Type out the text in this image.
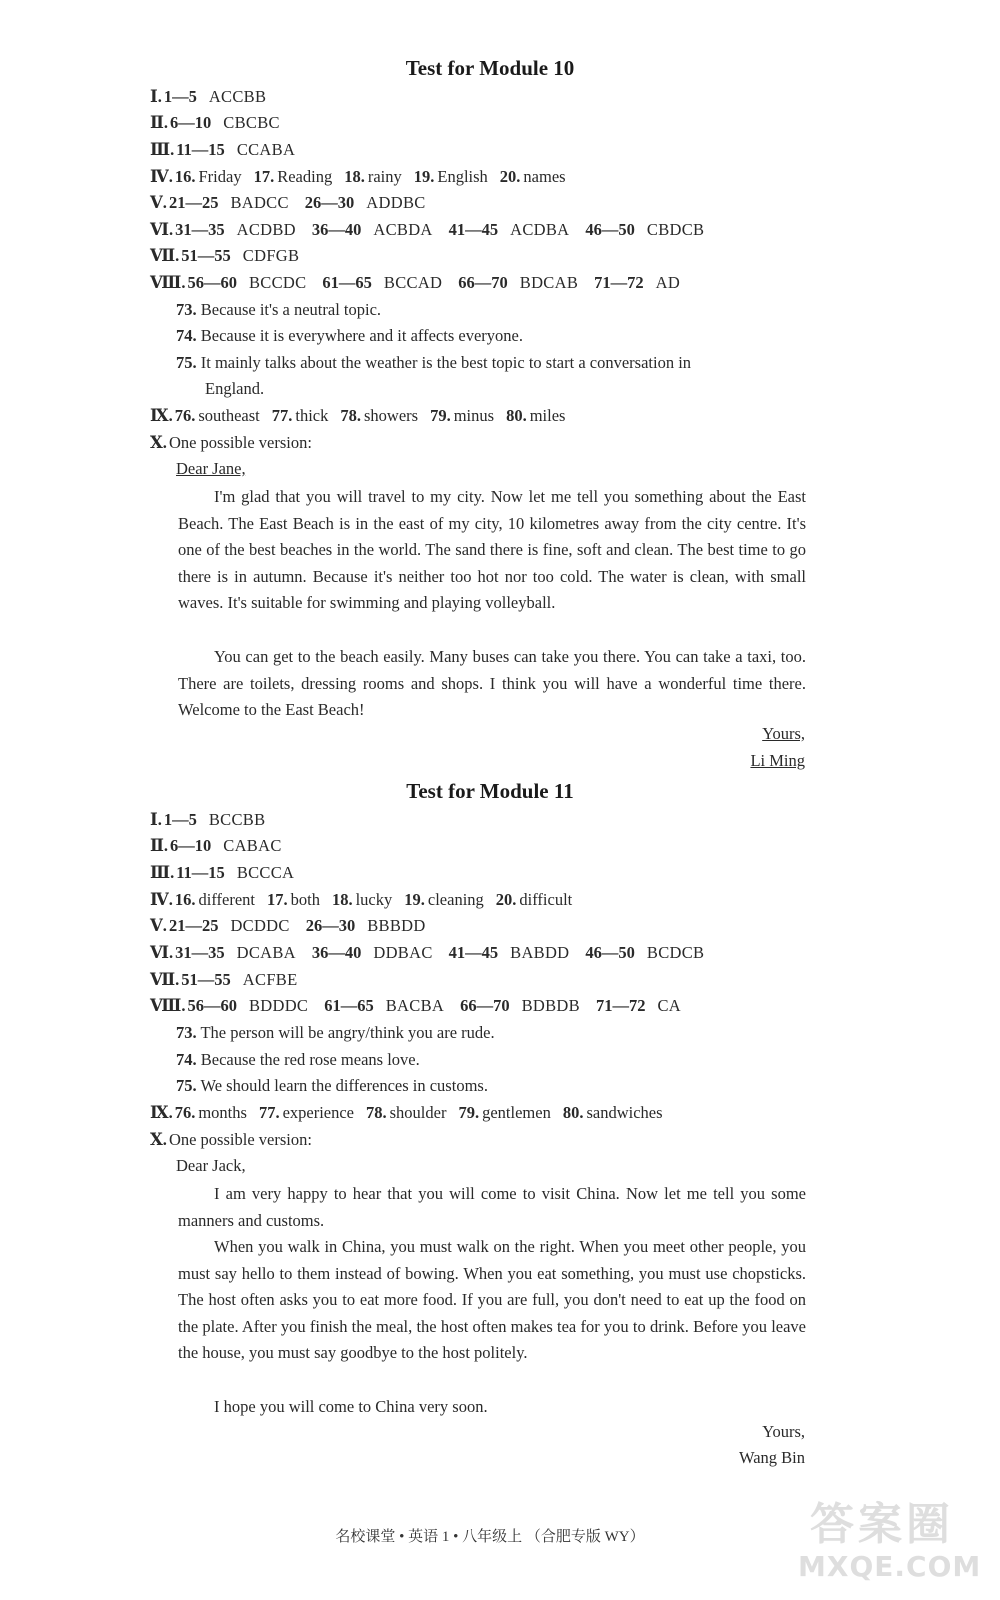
Test for Module 10
Ⅰ. 1—5 ACCBB
Ⅱ. 6—10 CBCBC
Ⅲ. 11—15 CCABA
Ⅳ. 16. Friday 17. Reading 18. rainy 19. English 20. names
Ⅴ. 21—25 BADCC 26—30 ADDBC
Ⅵ. 31—35 ACDBD 36—40 ACBDA 41—45 ACDBA 46—50 CBDCB
Ⅶ. 51—55 CDFGB
Ⅷ. 56—60 BCCDC 61—65 BCCAD 66—70 BDCAB 71—72 AD
73. Because it's a neutral topic.
74. Because it is everywhere and it affects everyone.
75. It mainly talks about the weather is the best topic to start a conversation in
England.
Ⅸ. 76. southeast 77. thick 78. showers 79. minus 80. miles
Ⅹ. One possible version:
Dear Jane,
I'm glad that you will travel to my city. Now let me tell you something about the East Beach. The East Beach is in the east of my city, 10 kilometres away from the city centre. It's one of the best beaches in the world. The sand there is fine, soft and clean. The best time to go there is in autumn. Because it's neither too hot nor too cold. The water is clean, with small waves. It's suitable for swimming and playing volleyball.
You can get to the beach easily. Many buses can take you there. You can take a taxi, too. There are toilets, dressing rooms and shops. I think you will have a wonderful time there. Welcome to the East Beach!
Yours,
Li Ming
Test for Module 11
Ⅰ. 1—5 BCCBB
Ⅱ. 6—10 CABAC
Ⅲ. 11—15 BCCCA
Ⅳ. 16. different 17. both 18. lucky 19. cleaning 20. difficult
Ⅴ. 21—25 DCDDC 26—30 BBBDD
Ⅵ. 31—35 DCABA 36—40 DDBAC 41—45 BABDD 46—50 BCDCB
Ⅶ. 51—55 ACFBE
Ⅷ. 56—60 BDDDC 61—65 BACBA 66—70 BDBDB 71—72 CA
73. The person will be angry/think you are rude.
74. Because the red rose means love.
75. We should learn the differences in customs.
Ⅸ. 76. months 77. experience 78. shoulder 79. gentlemen 80. sandwiches
Ⅹ. One possible version:
Dear Jack,
I am very happy to hear that you will come to visit China. Now let me tell you some manners and customs.
When you walk in China, you must walk on the right. When you meet other people, you must say hello to them instead of bowing. When you eat something, you must use chopsticks. The host often asks you to eat more food. If you are full, you don't need to eat up the food on the plate. After you finish the meal, the host often makes tea for you to drink. Before you leave the house, you must say goodbye to the host politely.
I hope you will come to China very soon.
Yours,
Wang Bin
名校课堂 • 英语 1 • 八年级上 （合肥专版 WY）	答案圈
MXQE.COM
